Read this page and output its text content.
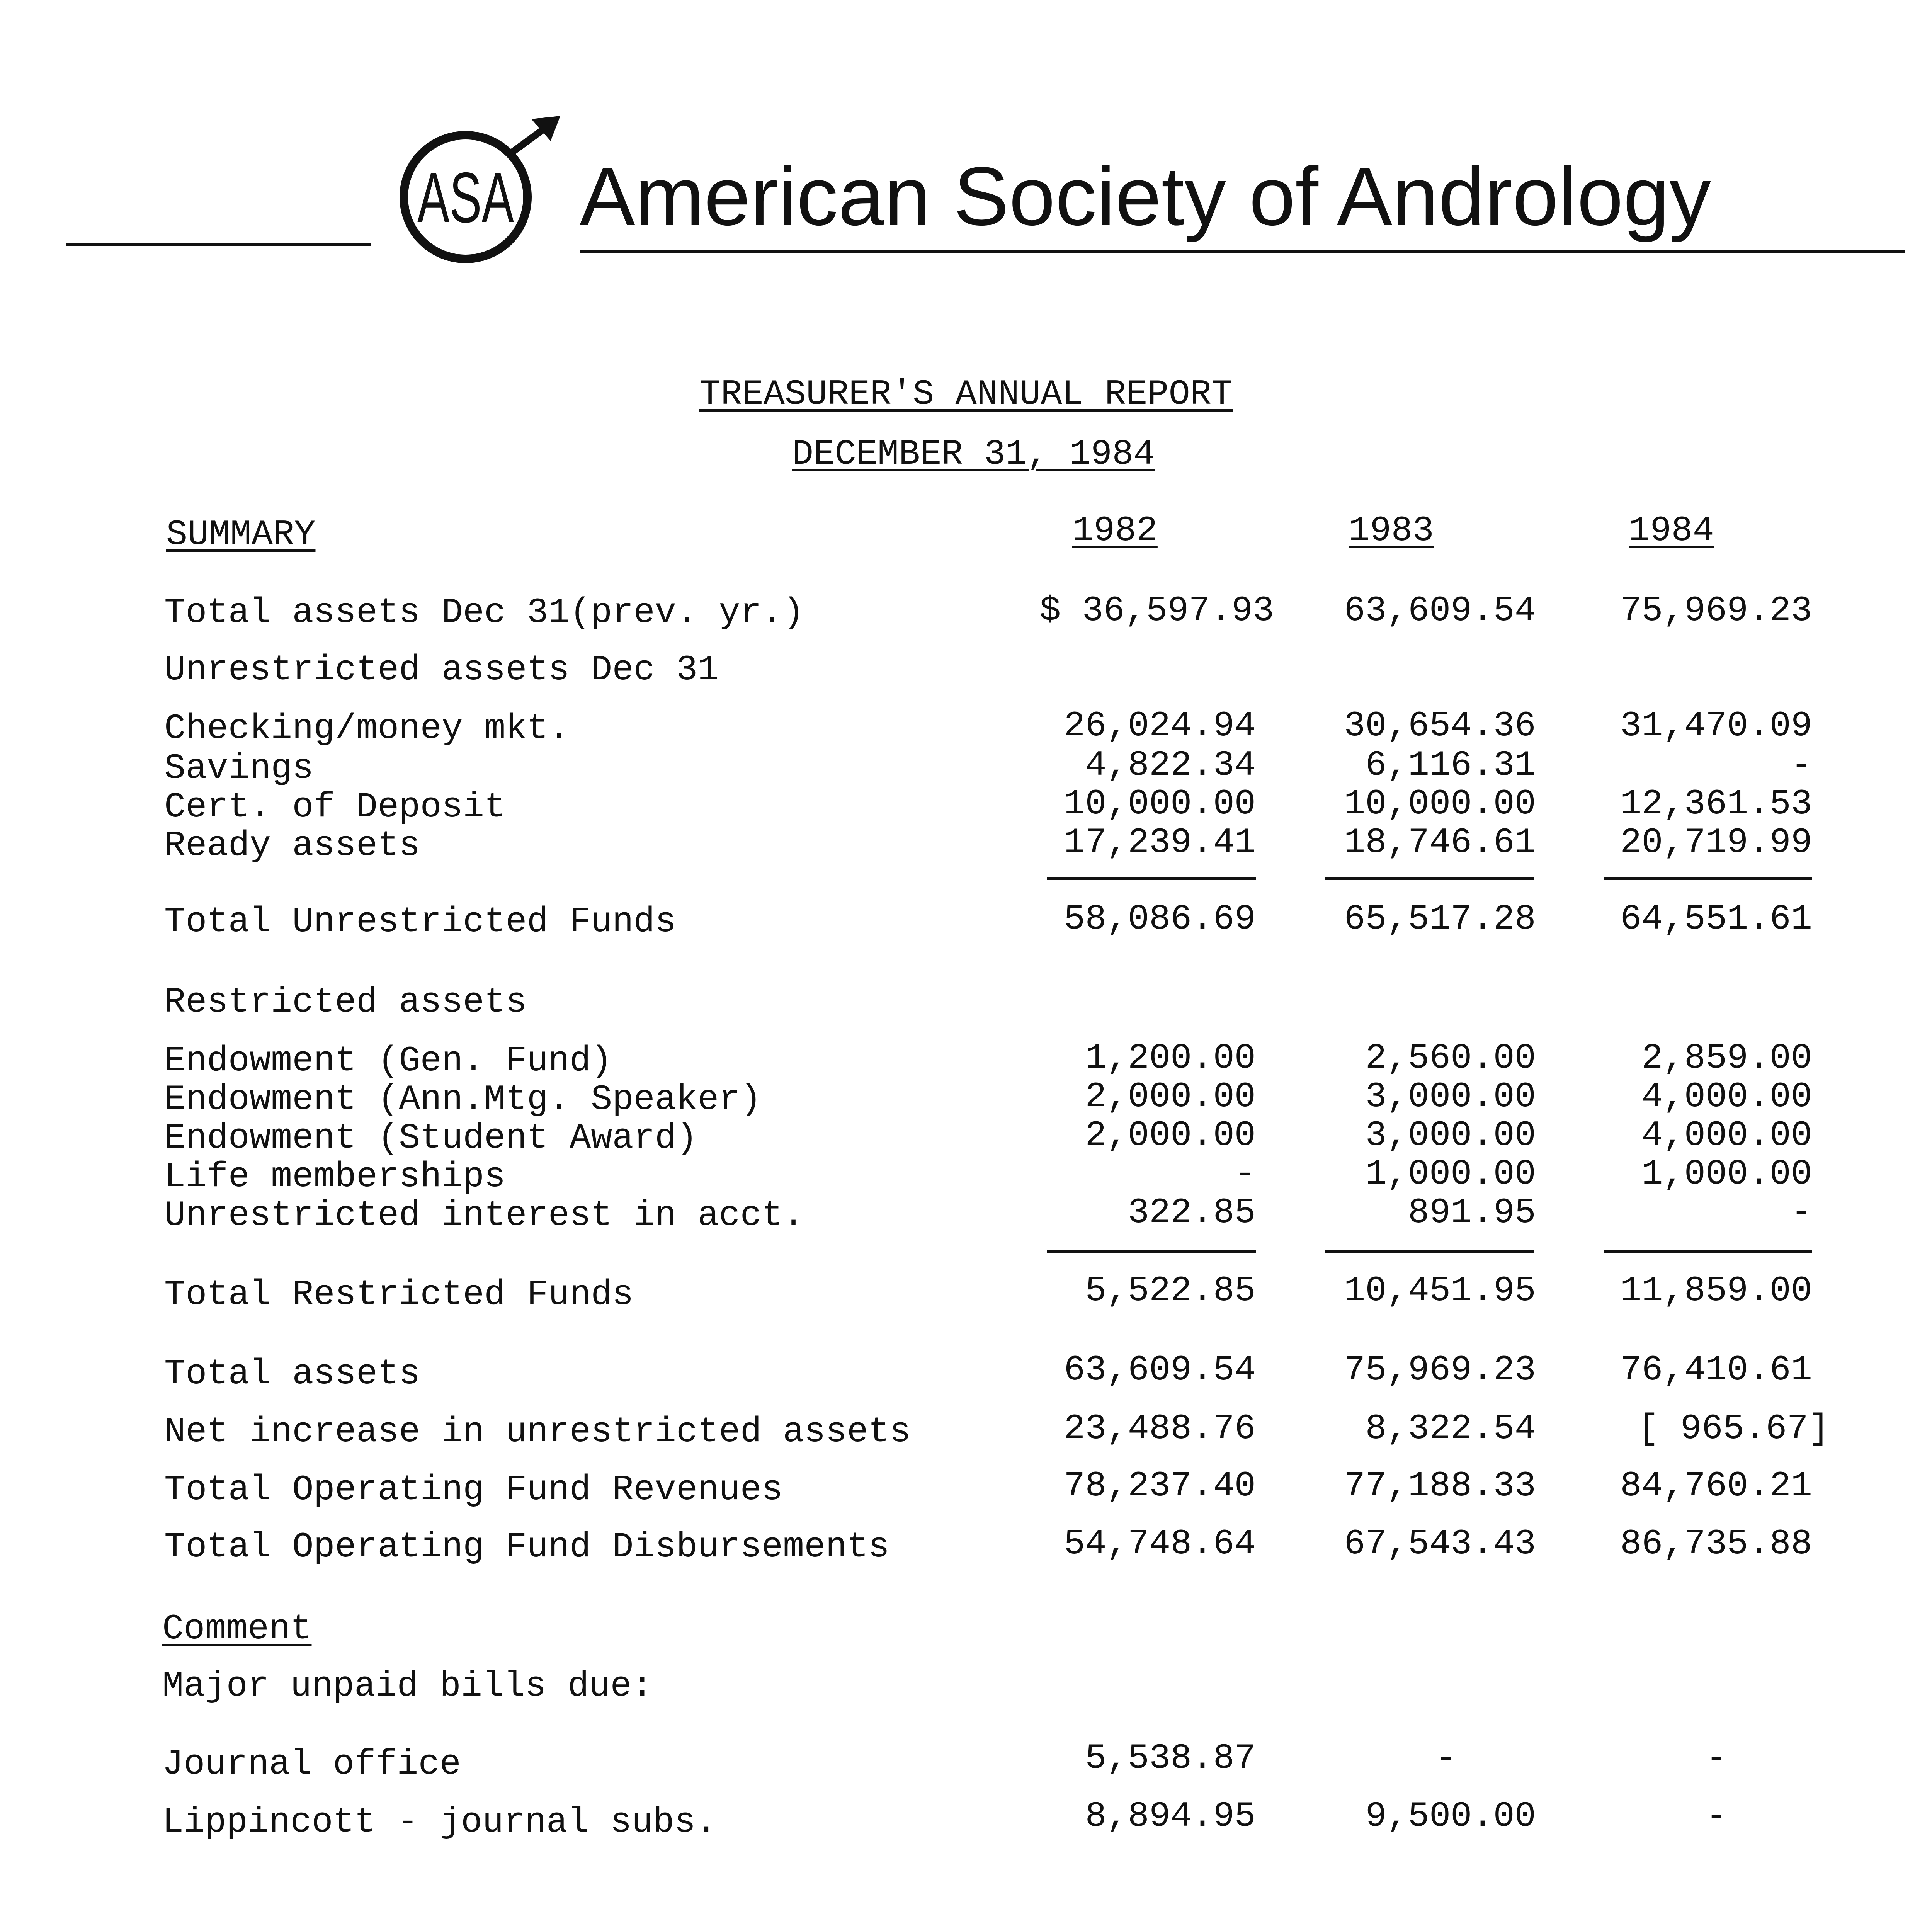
ASA American Society of Andrology
TREASURER'S ANNUAL REPORT
DECEMBER 31, 1984
SUMMARY	1982	1983	1984
Total assets Dec 31(prev. yr.)	$ 36,597.93	63,609.54	75,969.23
Unrestricted assets Dec 31
Checking/money mkt.	26,024.94	30,654.36	31,470.09
Savings	4,822.34	6,116.31	-
Cert. of Deposit	10,000.00	10,000.00	12,361.53
Ready assets	17,239.41	18,746.61	20,719.99
Total Unrestricted Funds	58,086.69	65,517.28	64,551.61
Restricted assets
Endowment (Gen. Fund)	1,200.00	2,560.00	2,859.00
Endowment (Ann.Mtg. Speaker)	2,000.00	3,000.00	4,000.00
Endowment (Student Award)	2,000.00	3,000.00	4,000.00
Life memberships	-	1,000.00	1,000.00
Unrestricted interest in acct.	322.85	891.95	-
Total Restricted Funds	5,522.85	10,451.95	11,859.00
Total assets	63,609.54	75,969.23	76,410.61
Net increase in unrestricted assets	23,488.76	8,322.54	[ 965.67]
Total Operating Fund Revenues	78,237.40	77,188.33	84,760.21
Total Operating Fund Disbursements	54,748.64	67,543.43	86,735.88
Comment
Major unpaid bills due:
Journal office	5,538.87	-	-
Lippincott - journal subs.	8,894.95	9,500.00	-
